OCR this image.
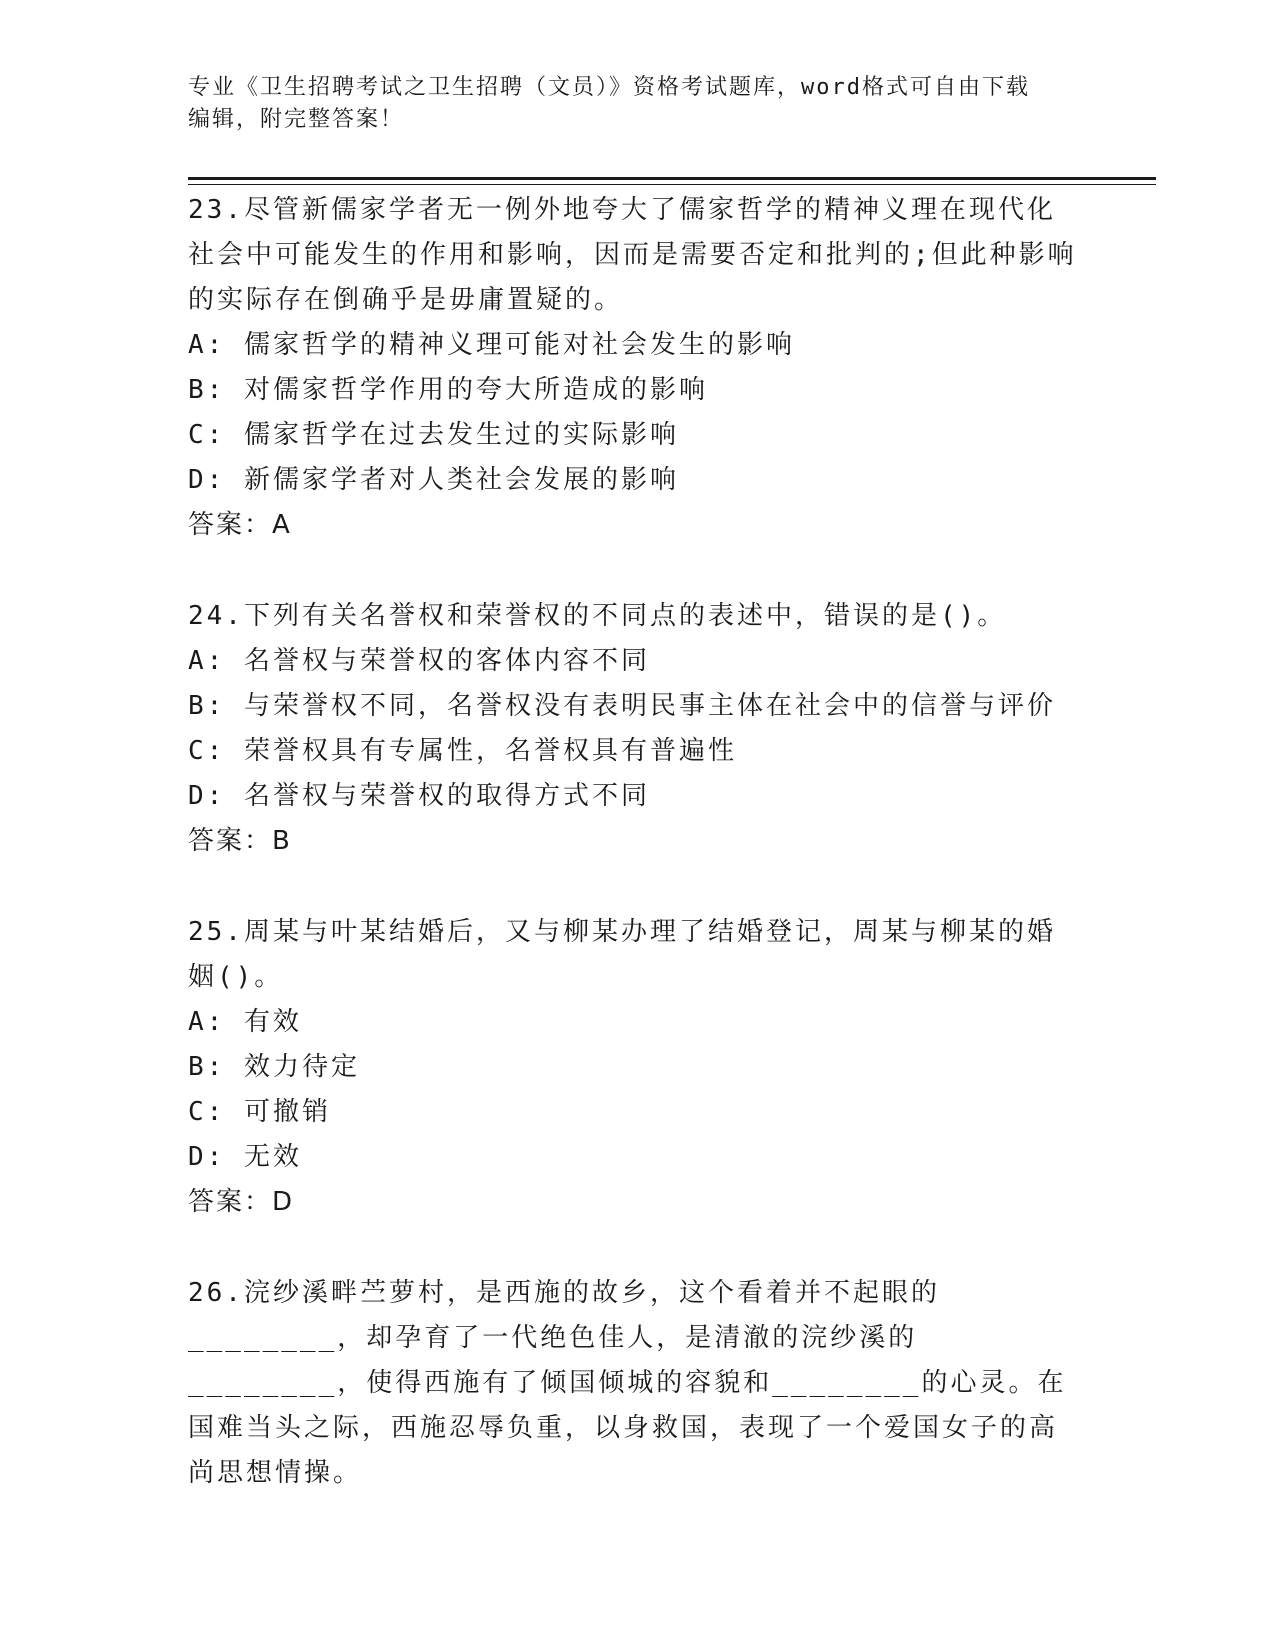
专业《卫生招聘考试之卫生招聘（文员）》资格考试题库，word格式可自由下载

编辑，附完整答案！

23.尽管新儒家学者无一例外地夸大了儒家哲学的精神义理在现代化社会中可能发生的作用和影响，因而是需要否定和批判的;但此种影响的实际存在倒确乎是毋庸置疑的。

A: 儒家哲学的精神义理可能对社会发生的影响

B: 对儒家哲学作用的夸大所造成的影响

C: 儒家哲学在过去发生过的实际影响

D: 新儒家学者对人类社会发展的影响

答案：A

24.下列有关名誉权和荣誉权的不同点的表述中，错误的是()。

A: 名誉权与荣誉权的客体内容不同

B: 与荣誉权不同，名誉权没有表明民事主体在社会中的信誉与评价

C: 荣誉权具有专属性，名誉权具有普遍性

D: 名誉权与荣誉权的取得方式不同

答案：B

25.周某与叶某结婚后，又与柳某办理了结婚登记，周某与柳某的婚姻()。

A: 有效

B: 效力待定

C: 可撤销

D: 无效

答案：D

26.浣纱溪畔苎萝村，是西施的故乡，这个看着并不起眼的________，却孕育了一代绝色佳人，是清澈的浣纱溪的________，使得西施有了倾国倾城的容貌和________的心灵。在国难当头之际，西施忍辱负重，以身救国，表现了一个爱国女子的高尚思想情操。
